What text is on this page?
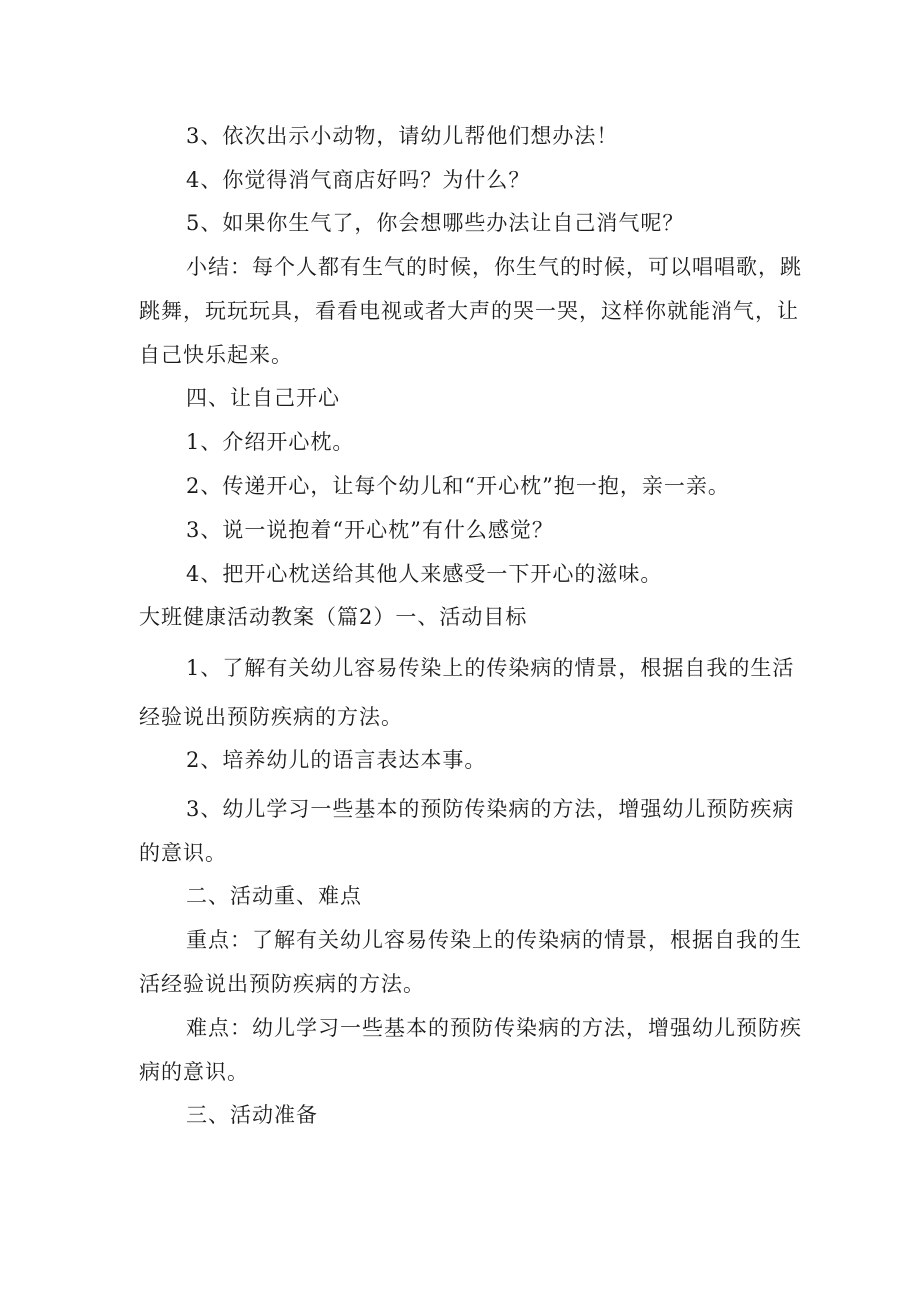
3、依次出示小动物，请幼儿帮他们想办法！
4、你觉得消气商店好吗？为什么？
5、如果你生气了，你会想哪些办法让自己消气呢？
小结：每个人都有生气的时候，你生气的时候，可以唱唱歌，跳
跳舞，玩玩玩具，看看电视或者大声的哭一哭，这样你就能消气，让
自己快乐起来。
四、让自己开心
1、介绍开心枕。
2、传递开心，让每个幼儿和“开心枕”抱一抱，亲一亲。
3、说一说抱着“开心枕”有什么感觉？
4、把开心枕送给其他人来感受一下开心的滋味。
大班健康活动教案（篇2）一、活动目标
1、了解有关幼儿容易传染上的传染病的情景，根据自我的生活
经验说出预防疾病的方法。
2、培养幼儿的语言表达本事。
3、幼儿学习一些基本的预防传染病的方法，增强幼儿预防疾病
的意识。
二、活动重、难点
重点：了解有关幼儿容易传染上的传染病的情景，根据自我的生
活经验说出预防疾病的方法。
难点：幼儿学习一些基本的预防传染病的方法，增强幼儿预防疾
病的意识。
三、活动准备
